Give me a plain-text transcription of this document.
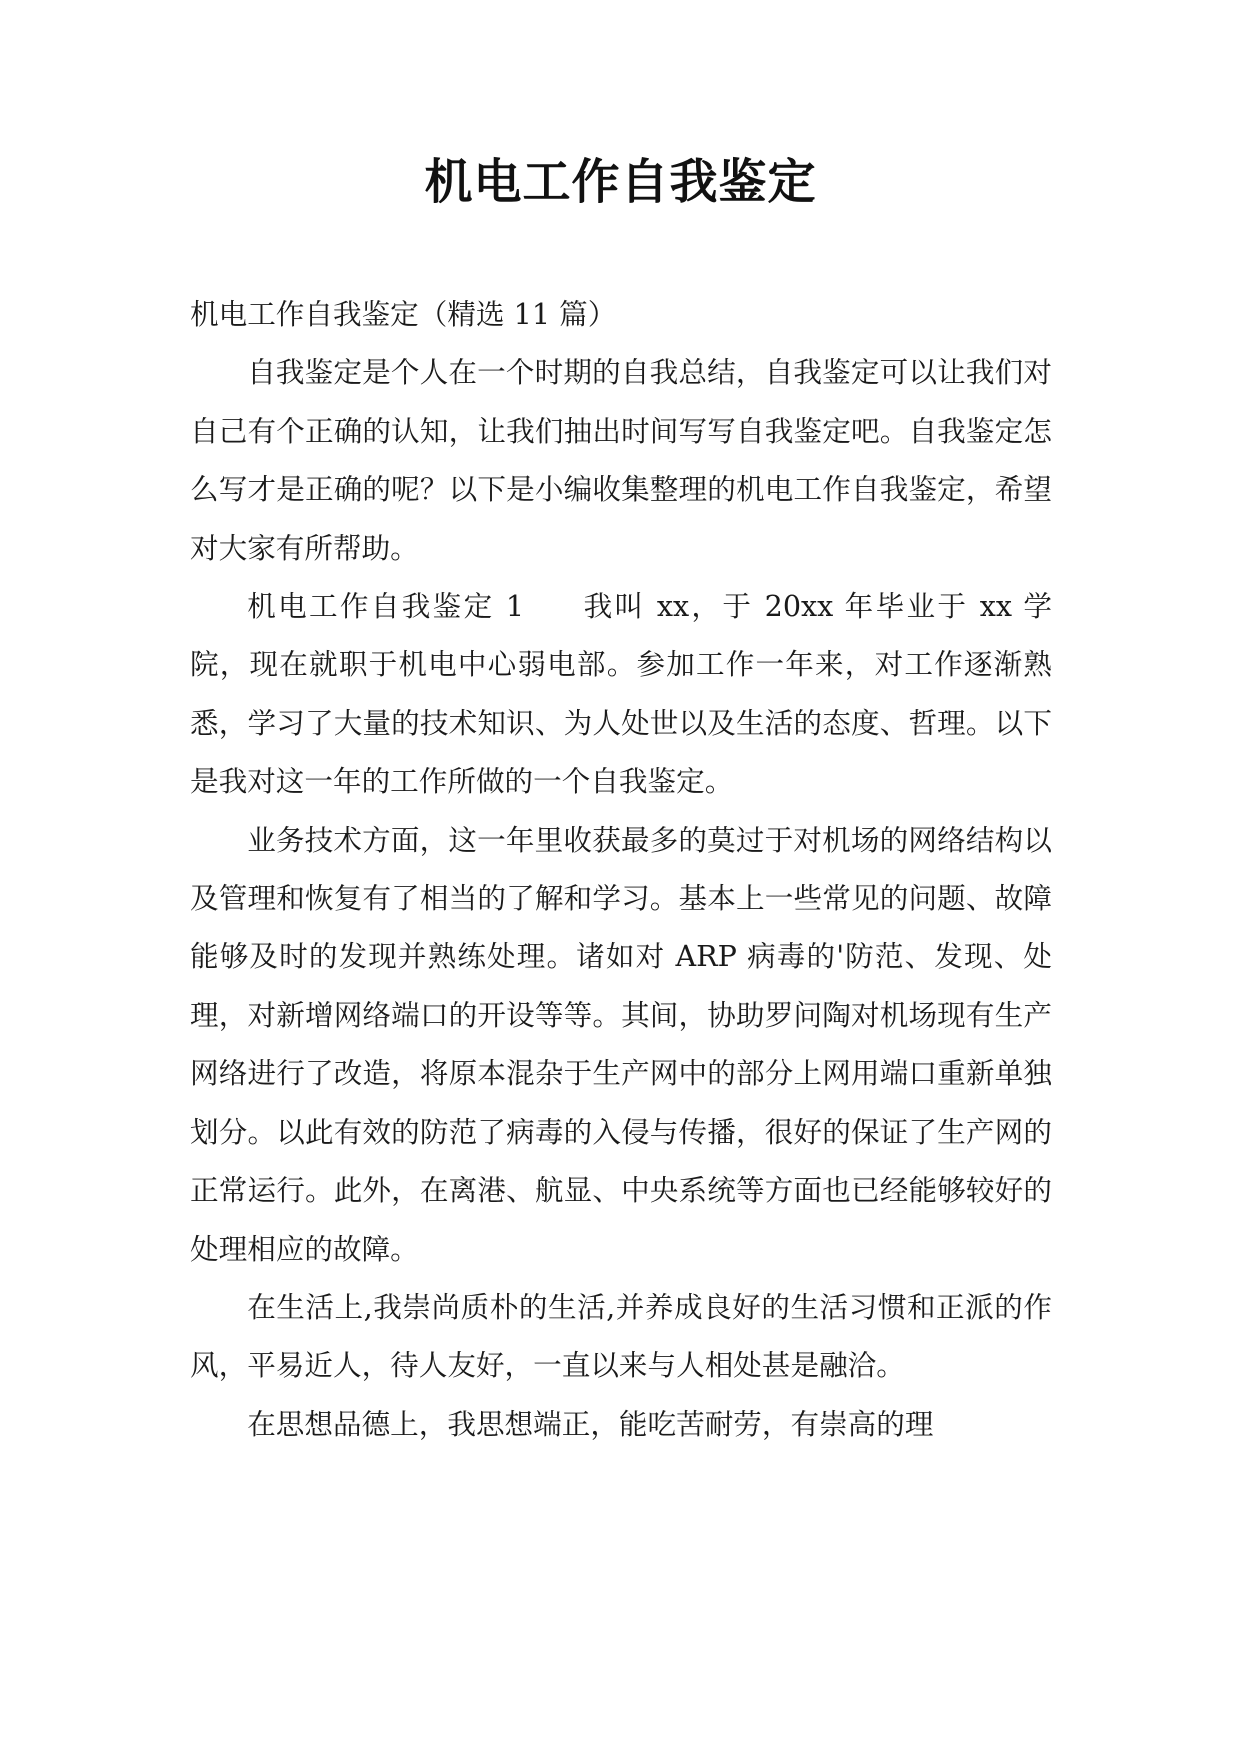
机电工作自我鉴定

机电工作自我鉴定（精选 11 篇）

自我鉴定是个人在一个时期的自我总结，自我鉴定可以让我们对自己有个正确的认知，让我们抽出时间写写自我鉴定吧。自我鉴定怎么写才是正确的呢？以下是小编收集整理的机电工作自我鉴定，希望对大家有所帮助。

机电工作自我鉴定 1 我叫 xx，于 20xx 年毕业于 xx 学院，现在就职于机电中心弱电部。参加工作一年来，对工作逐渐熟悉，学习了大量的技术知识、为人处世以及生活的态度、哲理。以下是我对这一年的工作所做的一个自我鉴定。

业务技术方面，这一年里收获最多的莫过于对机场的网络结构以及管理和恢复有了相当的了解和学习。基本上一些常见的问题、故障能够及时的发现并熟练处理。诸如对 ARP 病毒的'防范、发现、处理，对新增网络端口的开设等等。其间，协助罗问陶对机场现有生产网络进行了改造，将原本混杂于生产网中的部分上网用端口重新单独划分。以此有效的防范了病毒的入侵与传播，很好的保证了生产网的正常运行。此外，在离港、航显、中央系统等方面也已经能够较好的处理相应的故障。

在生活上,我崇尚质朴的生活,并养成良好的生活习惯和正派的作风，平易近人，待人友好，一直以来与人相处甚是融洽。

在思想品德上，我思想端正，能吃苦耐劳，有崇高的理
